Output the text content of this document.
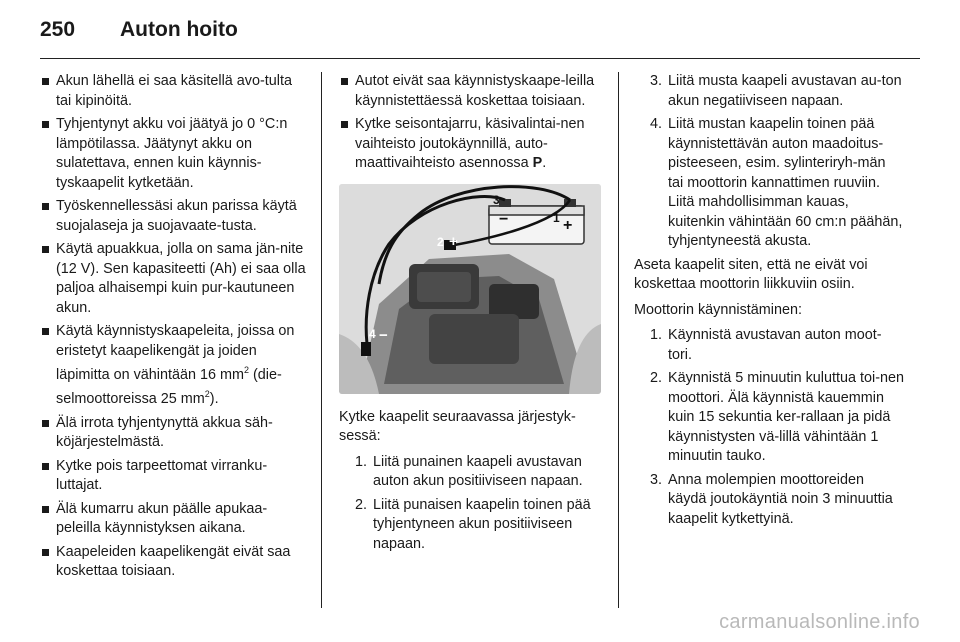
250	Auton hoito
Akun lähellä ei saa käsitellä avo-tulta tai kipinöitä.
Tyhjentynyt akku voi jäätyä jo 0 °C:n lämpötilassa. Jäätynyt akku on sulatettava, ennen kuin käynnis-tyskaapelit kytketään.
Työskennellessäsi akun parissa käytä suojalaseja ja suojavaate-tusta.
Käytä apuakkua, jolla on sama jän-nite (12 V). Sen kapasiteetti (Ah) ei saa olla paljoa alhaisempi kuin pur-kautuneen akun.
Käytä käynnistyskaapeleita, joissa on eristetyt kaapelikengät ja joiden läpimitta on vähintään 16 $mm^2$ (die-selmoottoreissa 25 $mm^2$).
Älä irrota tyhjentynyttä akkua säh-köjärjestelmästä.
Kytke pois tarpeettomat virranku-luttajat.
Älä kumarru akun päälle apukaa-peleilla käynnistyksen aikana.
Kaapeleiden kaapelikengät eivät saa koskettaa toisiaan.
Autot eivät saa käynnistyskaape-leilla käynnistettäessä koskettaa toisiaan.
Kytke seisontajarru, käsivalintai-nen vaihteisto joutokäynnillä, auto-maattivaihteisto asennossa P.
3
−	1 +
2 +
4 −

Kytke kaapelit seuraavassa järjestyk-sessä:

1. Liitä punainen kaapeli avustavan auton akun positiiviseen napaan.
2. Liitä punaisen kaapelin toinen pää tyhjentyneen akun positiiviseen napaan.
3. Liitä musta kaapeli avustavan au-ton akun negatiiviseen napaan.
4. Liitä mustan kaapelin toinen pää käynnistettävän auton maadoitus-pisteeseen, esim. sylinteriryh-män tai moottorin kannattimen ruuviin. Liitä mahdollisimman kauas, kuitenkin vähintään 60 cm:n päähän, tyhjentyneestä akusta.

Aseta kaapelit siten, että ne eivät voi koskettaa moottorin liikkuviin osiin.

Moottorin käynnistäminen:

1. Käynnistä avustavan auton moot-tori.
2. Käynnistä 5 minuutin kuluttua toi-nen moottori. Älä käynnistä kauemmin kuin 15 sekuntia ker-rallaan ja pidä käynnistysten vä-lillä vähintään 1 minuutin tauko.
3. Anna molempien moottoreiden käydä joutokäyntiä noin 3 minuuttia kaapelit kytkettyinä.
carmanualsonline.info
